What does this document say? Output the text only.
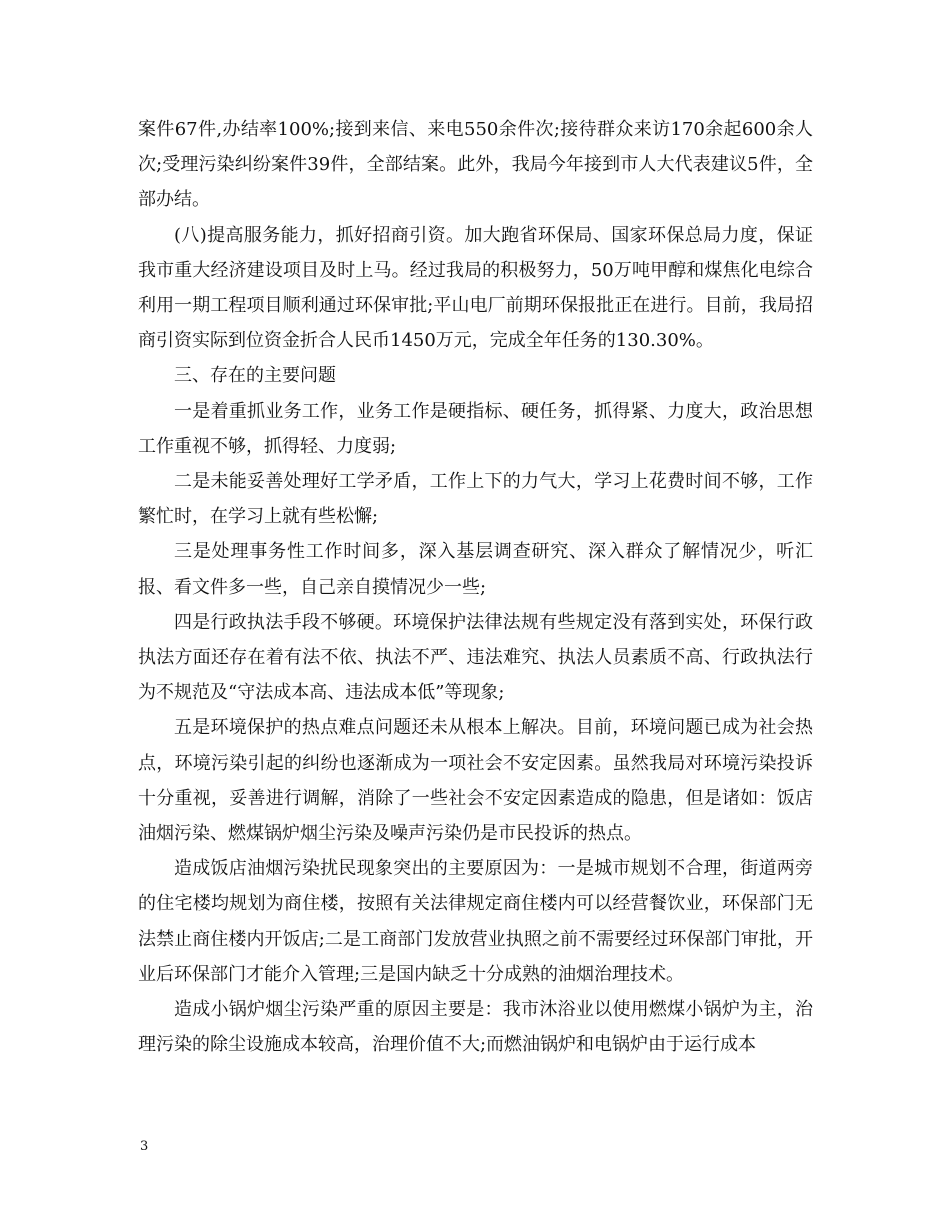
案件67件,办结率100%;接到来信、来电550余件次;接待群众来访170余起600余人次;受理污染纠纷案件39件，全部结案。此外，我局今年接到市人大代表建议5件，全部办结。

(八)提高服务能力，抓好招商引资。加大跑省环保局、国家环保总局力度，保证我市重大经济建设项目及时上马。经过我局的积极努力，50万吨甲醇和煤焦化电综合利用一期工程项目顺利通过环保审批;平山电厂前期环保报批正在进行。目前，我局招商引资实际到位资金折合人民币1450万元，完成全年任务的130.30%。

三、存在的主要问题

一是着重抓业务工作，业务工作是硬指标、硬任务，抓得紧、力度大，政治思想工作重视不够，抓得轻、力度弱;

二是未能妥善处理好工学矛盾，工作上下的力气大，学习上花费时间不够，工作繁忙时，在学习上就有些松懈;

三是处理事务性工作时间多，深入基层调查研究、深入群众了解情况少，听汇报、看文件多一些，自己亲自摸情况少一些;

四是行政执法手段不够硬。环境保护法律法规有些规定没有落到实处，环保行政执法方面还存在着有法不依、执法不严、违法难究、执法人员素质不高、行政执法行为不规范及“守法成本高、违法成本低”等现象;

五是环境保护的热点难点问题还未从根本上解决。目前，环境问题已成为社会热点，环境污染引起的纠纷也逐渐成为一项社会不安定因素。虽然我局对环境污染投诉十分重视，妥善进行调解，消除了一些社会不安定因素造成的隐患，但是诸如：饭店油烟污染、燃煤锅炉烟尘污染及噪声污染仍是市民投诉的热点。

造成饭店油烟污染扰民现象突出的主要原因为：一是城市规划不合理，街道两旁的住宅楼均规划为商住楼，按照有关法律规定商住楼内可以经营餐饮业，环保部门无法禁止商住楼内开饭店;二是工商部门发放营业执照之前不需要经过环保部门审批，开业后环保部门才能介入管理;三是国内缺乏十分成熟的油烟治理技术。

造成小锅炉烟尘污染严重的原因主要是：我市沐浴业以使用燃煤小锅炉为主，治理污染的除尘设施成本较高，治理价值不大;而燃油锅炉和电锅炉由于运行成本

3
